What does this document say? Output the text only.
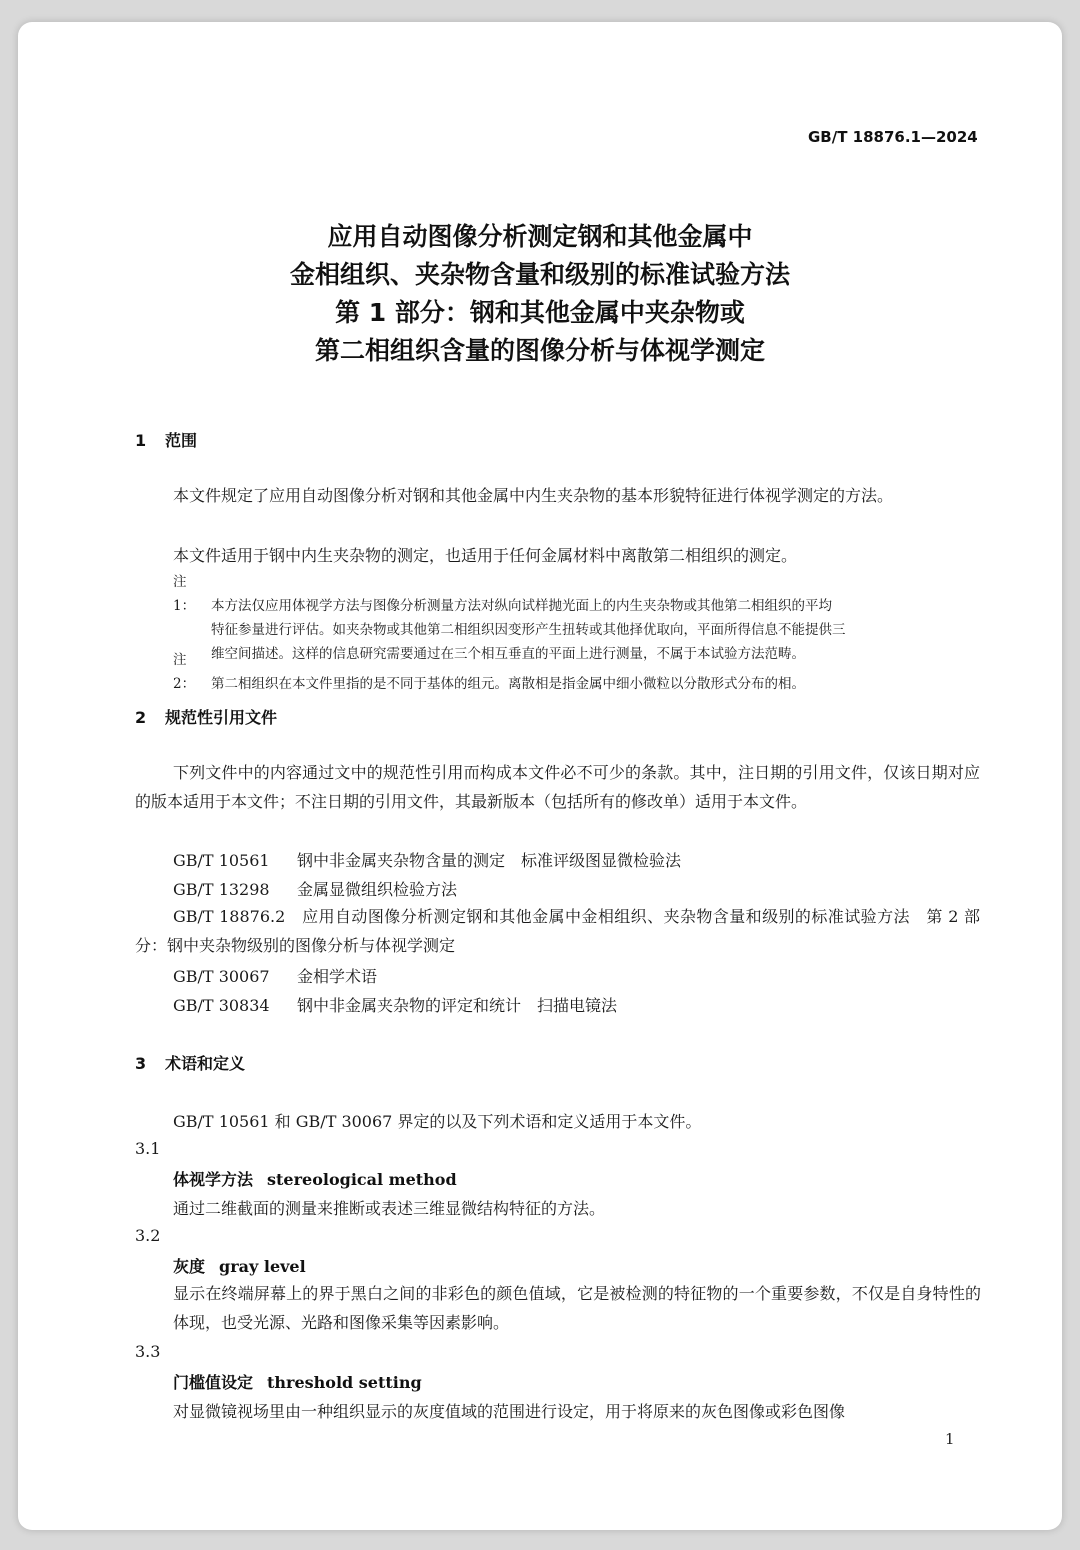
GB/T 18876.1—2024
应用自动图像分析测定钢和其他金属中
金相组织、夹杂物含量和级别的标准试验方法
第 1 部分：钢和其他金属中夹杂物或
第二相组织含量的图像分析与体视学测定
1 范围
本文件规定了应用自动图像分析对钢和其他金属中内生夹杂物的基本形貌特征进行体视学测定的方法。
本文件适用于钢中内生夹杂物的测定，也适用于任何金属材料中离散第二相组织的测定。
注 1： 本方法仅应用体视学方法与图像分析测量方法对纵向试样抛光面上的内生夹杂物或其他第二相组织的平均
特征参量进行评估。如夹杂物或其他第二相组织因变形产生扭转或其他择优取向，平面所得信息不能提供三
维空间描述。这样的信息研究需要通过在三个相互垂直的平面上进行测量，不属于本试验方法范畴。
注 2： 第二相组织在本文件里指的是不同于基体的组元。离散相是指金属中细小微粒以分散形式分布的相。
2 规范性引用文件
下列文件中的内容通过文中的规范性引用而构成本文件必不可少的条款。其中，注日期的引用文件，仅该日期对应的版本适用于本文件；不注日期的引用文件，其最新版本（包括所有的修改单）适用于本文件。
GB/T 10561 钢中非金属夹杂物含量的测定　标准评级图显微检验法
GB/T 13298 金属显微组织检验方法
GB/T 18876.2　 应用自动图像分析测定钢和其他金属中金相组织、夹杂物含量和级别的标准试验方法　第 2 部分：钢中夹杂物级别的图像分析与体视学测定
GB/T 30067 金相学术语
GB/T 30834 钢中非金属夹杂物的评定和统计　扫描电镜法
3 术语和定义
GB/T 10561 和 GB/T 30067 界定的以及下列术语和定义适用于本文件。
3.1
体视学方法 stereological method
通过二维截面的测量来推断或表述三维显微结构特征的方法。
3.2
灰度 gray level
显示在终端屏幕上的界于黑白之间的非彩色的颜色值域，它是被检测的特征物的一个重要参数，不仅是自身特性的体现，也受光源、光路和图像采集等因素影响。
3.3
门槛值设定 threshold setting
对显微镜视场里由一种组织显示的灰度值域的范围进行设定，用于将原来的灰色图像或彩色图像
1
